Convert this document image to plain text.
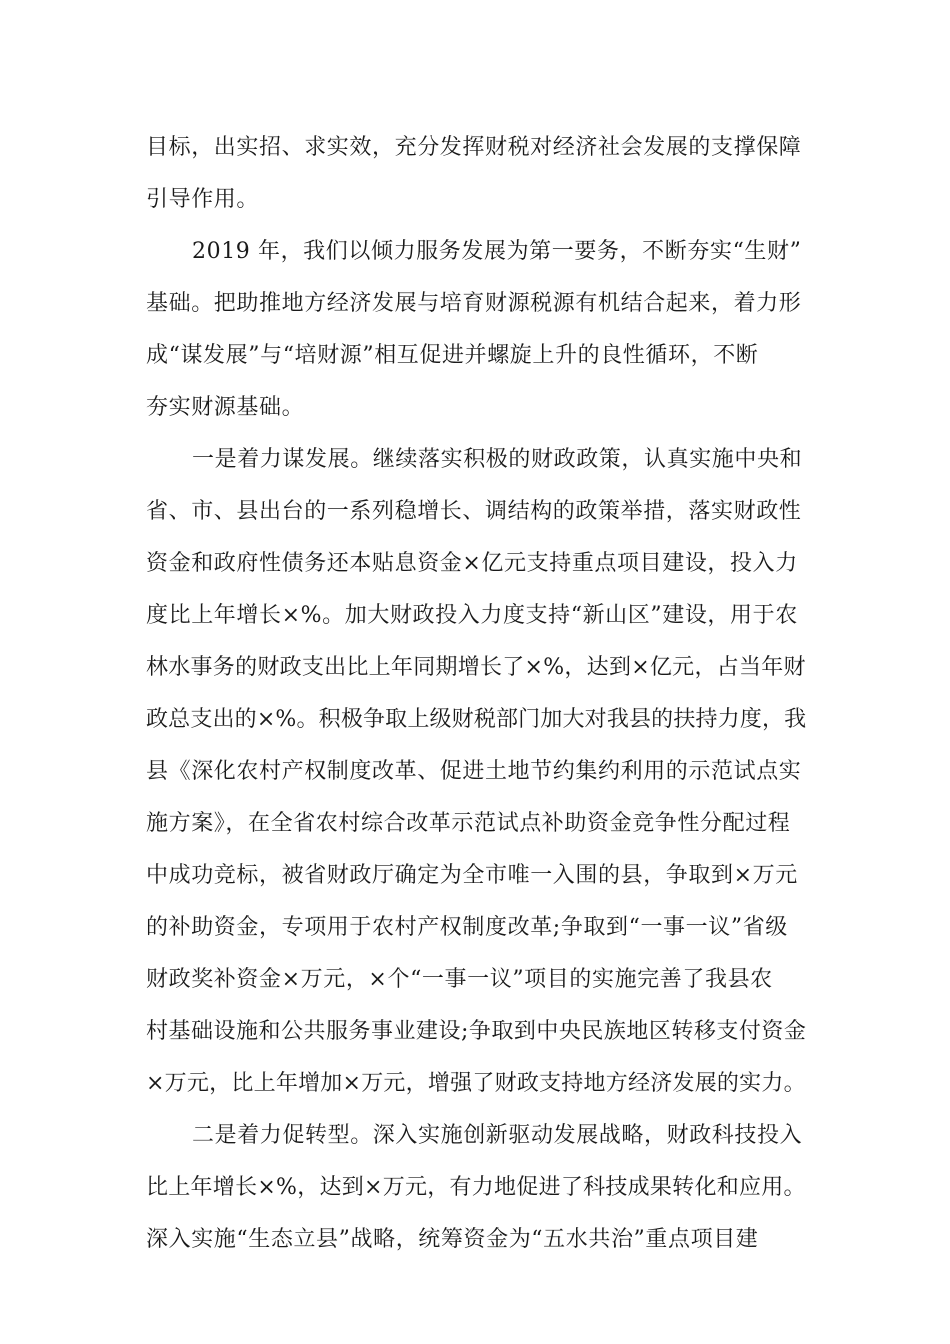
目标，出实招、求实效，充分发挥财税对经济社会发展的支撑保障
引导作用。
2019 年，我们以倾力服务发展为第一要务，不断夯实“生财”
基础。把助推地方经济发展与培育财源税源有机结合起来，着力形
成“谋发展”与“培财源”相互促进并螺旋上升的良性循环，不断
夯实财源基础。
一是着力谋发展。继续落实积极的财政政策，认真实施中央和
省、市、县出台的一系列稳增长、调结构的政策举措，落实财政性
资金和政府性债务还本贴息资金×亿元支持重点项目建设，投入力
度比上年增长×%。加大财政投入力度支持“新山区”建设，用于农
林水事务的财政支出比上年同期增长了×%，达到×亿元，占当年财
政总支出的×%。积极争取上级财税部门加大对我县的扶持力度，我
县《深化农村产权制度改革、促进土地节约集约利用的示范试点实
施方案》，在全省农村综合改革示范试点补助资金竞争性分配过程
中成功竞标，被省财政厅确定为全市唯一入围的县，争取到×万元
的补助资金，专项用于农村产权制度改革;争取到“一事一议”省级
财政奖补资金×万元，×个“一事一议”项目的实施完善了我县农
村基础设施和公共服务事业建设;争取到中央民族地区转移支付资金
×万元，比上年增加×万元，增强了财政支持地方经济发展的实力。
二是着力促转型。深入实施创新驱动发展战略，财政科技投入
比上年增长×%，达到×万元，有力地促进了科技成果转化和应用。
深入实施“生态立县”战略，统筹资金为“五水共治”重点项目建
